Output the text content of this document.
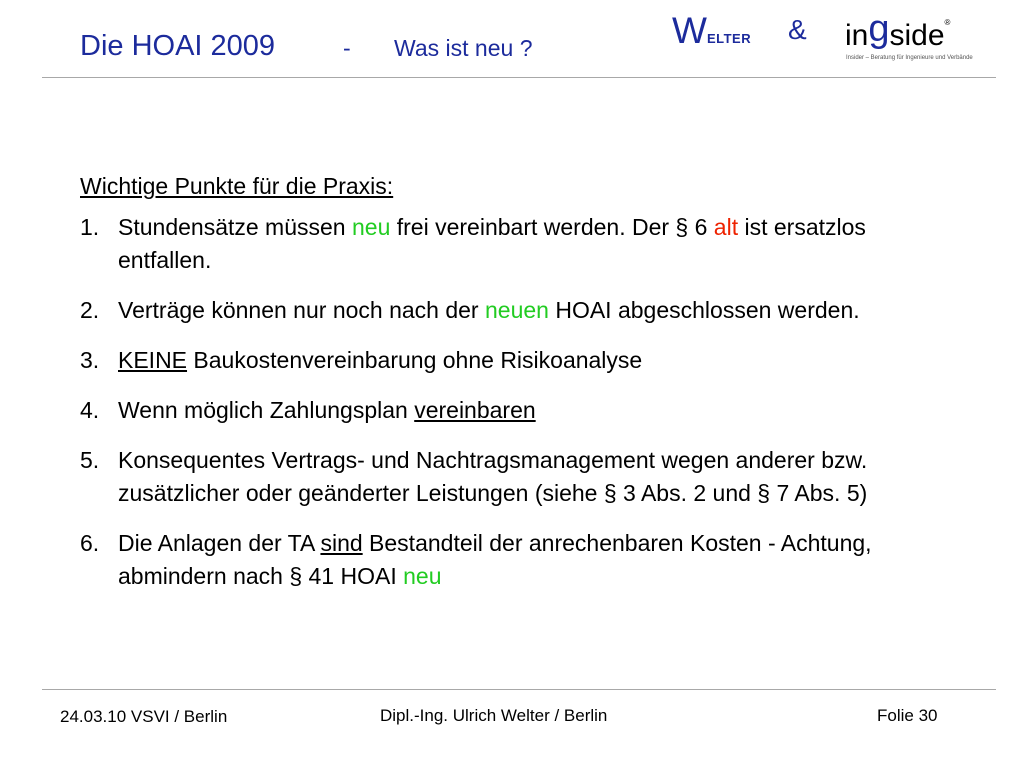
Die HOAI 2009	- Was ist neu ?	WELTER & ingside®
Insider – Beratung für Ingenieure und Verbände
Wichtige Punkte für die Praxis:
1. Stundensätze müssen neu frei vereinbart werden. Der § 6 alt ist ersatzlos entfallen.
2. Verträge können nur noch nach der neuen HOAI abgeschlossen werden.
3. KEINE Baukostenvereinbarung ohne Risikoanalyse
4. Wenn möglich Zahlungsplan vereinbaren
5. Konsequentes Vertrags- und Nachtragsmanagement wegen anderer bzw. zusätzlicher oder geänderter Leistungen (siehe § 3 Abs. 2 und § 7 Abs. 5)
6. Die Anlagen der TA sind Bestandteil der anrechenbaren Kosten - Achtung, abmindern nach § 41 HOAI neu
24.03.10 VSVI / Berlin	Dipl.-Ing. Ulrich Welter / Berlin	Folie 30
